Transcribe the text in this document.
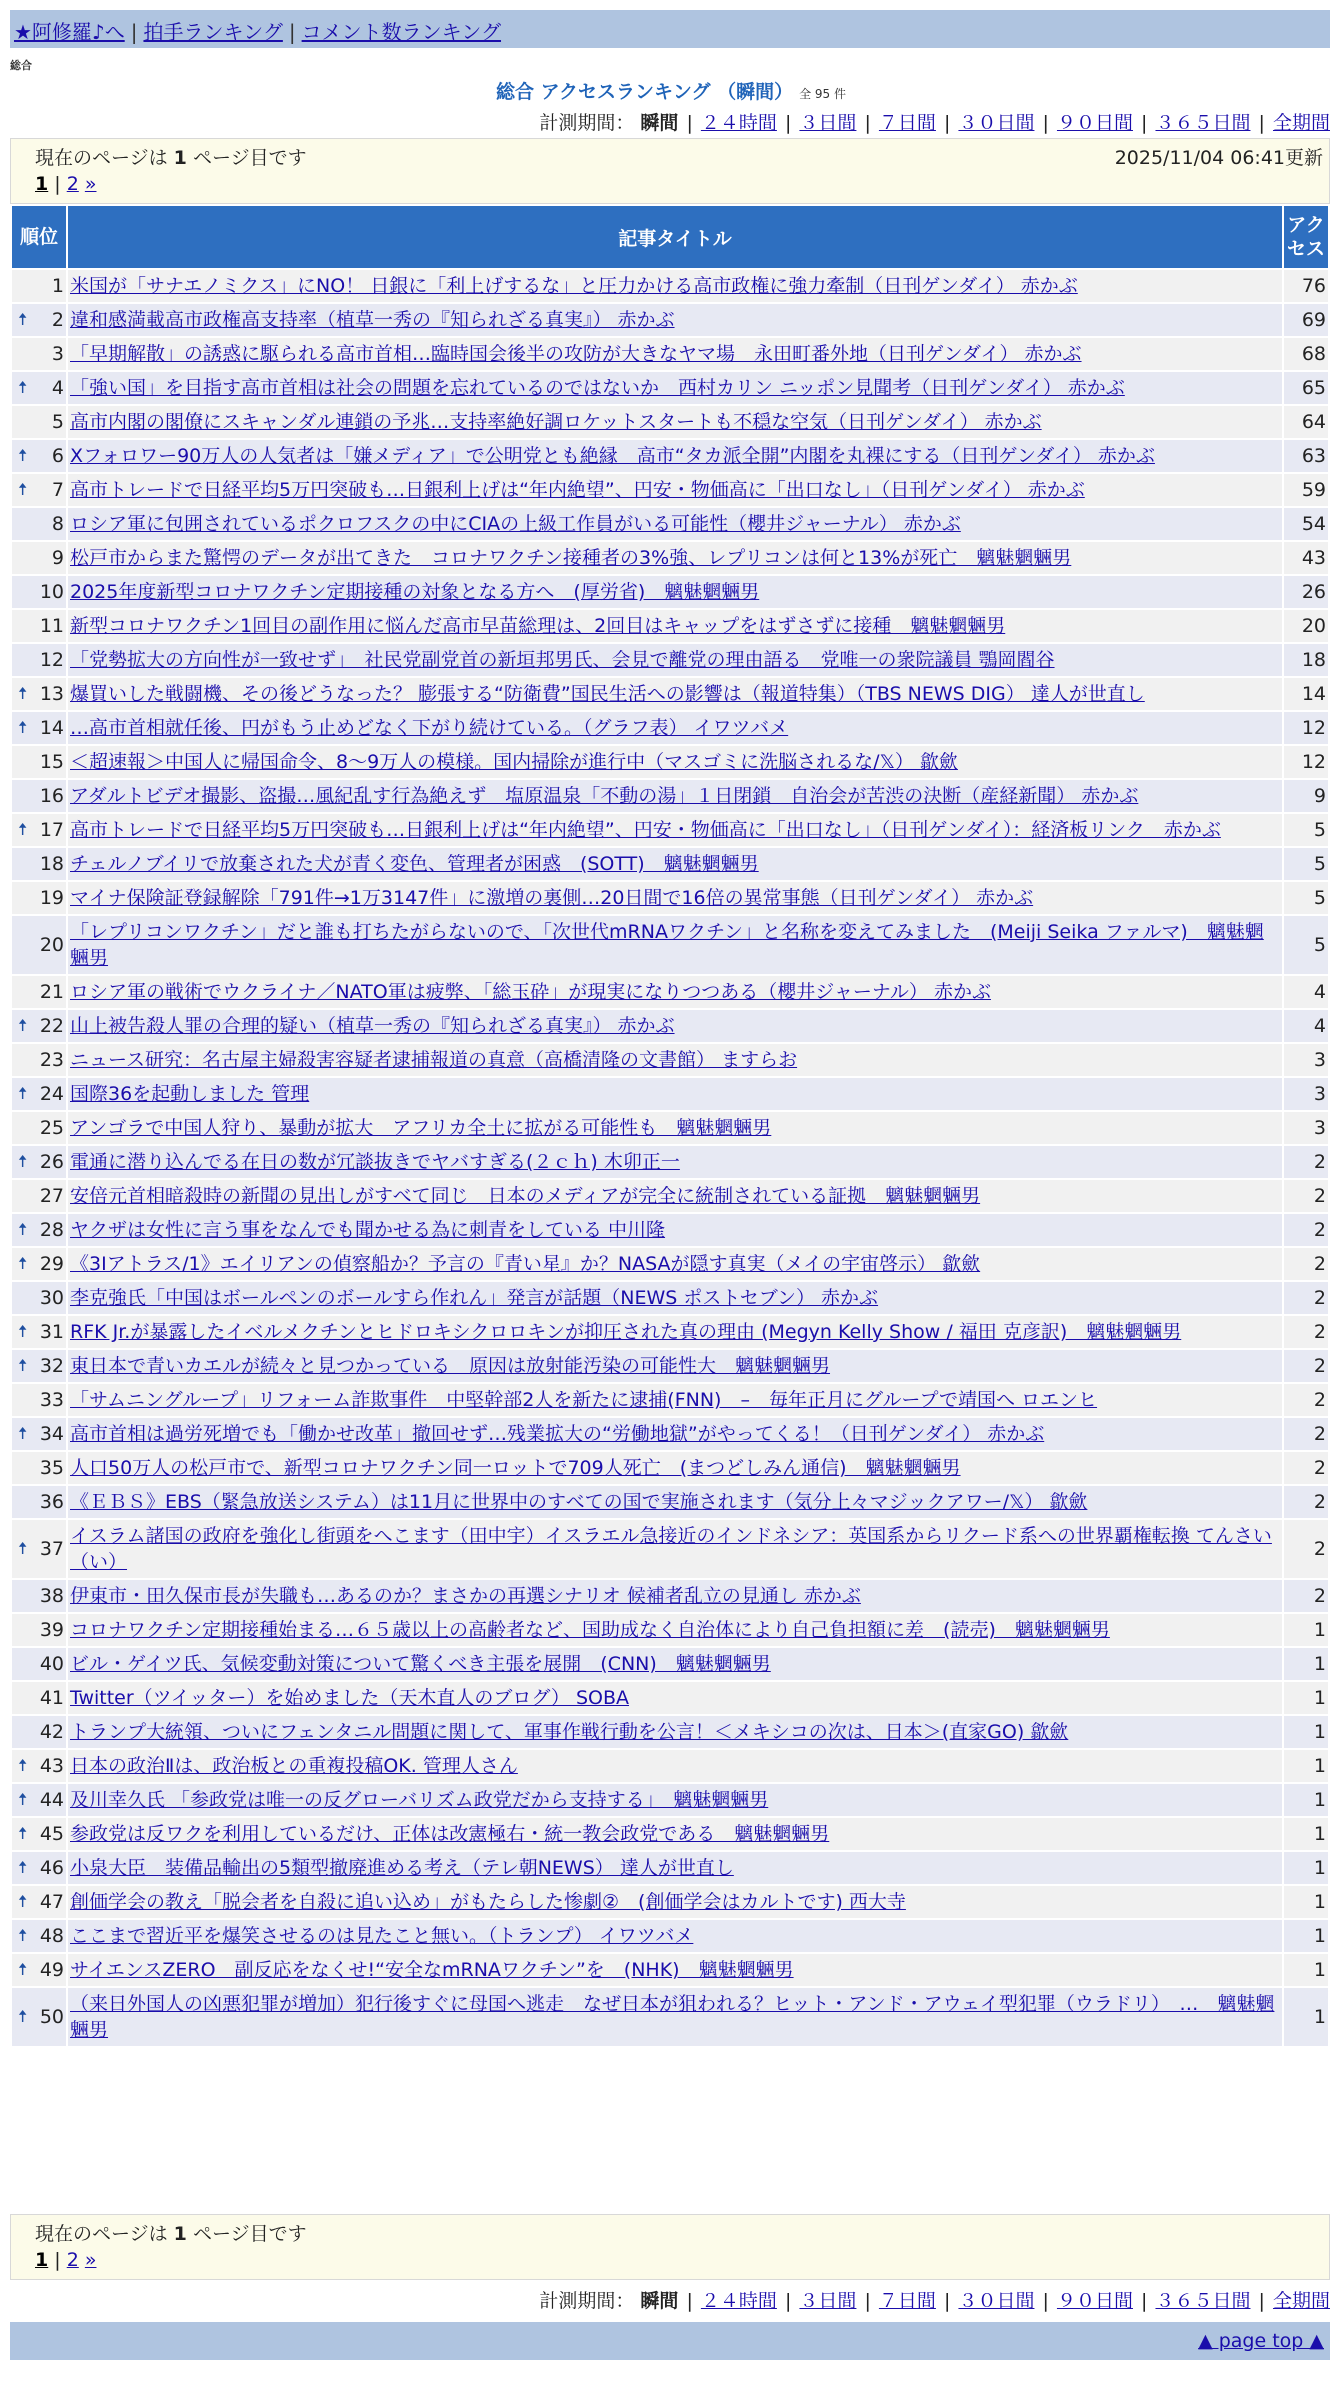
★阿修羅♪へ | 拍手ランキング | コメント数ランキング
総合
総合 アクセスランキング （瞬間） 全 95 件
計測期間： 瞬間 | ２４時間 | ３日間 | ７日間 | ３０日間 | ９０日間 | ３６５日間 | 全期間
現在のページは 1 ページ目です	2025/11/04 06:41更新
1 | 2 »
順位	記事タイトル	アクセス
1	米国が「サナエノミクス」にNO！ 日銀に「利上げするな」と圧力かける高市政権に強力牽制（日刊ゲンダイ） 赤かぶ	76

🠅 2	違和感満載高市政権高支持率（植草一秀の『知られざる真実』） 赤かぶ	69
3	「早期解散」の誘惑に駆られる高市首相…臨時国会後半の攻防が大きなヤマ場　永田町番外地（日刊ゲンダイ） 赤かぶ	68

🠅 4	「強い国」を目指す高市首相は社会の問題を忘れているのではないか　西村カリン ニッポン見聞考（日刊ゲンダイ） 赤かぶ	65
5	高市内閣の閣僚にスキャンダル連鎖の予兆…支持率絶好調ロケットスタートも不穏な空気（日刊ゲンダイ） 赤かぶ	64

🠅 6	Xフォロワー90万人の人気者は「嫌メディア」で公明党とも絶縁　高市“タカ派全開”内閣を丸裸にする（日刊ゲンダイ） 赤かぶ	63

🠅 7	高市トレードで日経平均5万円突破も…日銀利上げは“年内絶望”、円安・物価高に「出口なし」（日刊ゲンダイ） 赤かぶ	59
8	ロシア軍に包囲されているポクロフスクの中にCIAの上級工作員がいる可能性（櫻井ジャーナル） 赤かぶ	54
9	松戸市からまた驚愕のデータが出てきた　コロナワクチン接種者の3%強、レプリコンは何と13%が死亡　魑魅魍魎男	43
10	2025年度新型コロナワクチン定期接種の対象となる方へ　(厚労省)　魑魅魍魎男	26
11	新型コロナワクチン1回目の副作用に悩んだ高市早苗総理は、2回目はキャップをはずさずに接種　魑魅魍魎男	20
12	「党勢拡大の方向性が一致せず」　社民党副党首の新垣邦男氏、会見で離党の理由語る　党唯一の衆院議員 鶚岡閻谷	18

🠅 13	爆買いした戦闘機、その後どうなった？ 膨張する“防衛費”国民生活への影響は（報道特集）（TBS NEWS DIG） 達人が世直し	14

🠅 14	…高市首相就任後、円がもう止めどなく下がり続けている。（グラフ表） イワツバメ	12
15	＜超速報＞中国人に帰国命令、8～9万人の模様。国内掃除が進行中（マスゴミに洗脳されるな/𝕏） 歙歛	12
16	アダルトビデオ撮影、盗撮…風紀乱す行為絶えず　塩原温泉「不動の湯」１日閉鎖　自治会が苦渋の決断（産経新聞） 赤かぶ	9

🠅 17	高市トレードで日経平均5万円突破も…日銀利上げは“年内絶望”、円安・物価高に「出口なし」（日刊ゲンダイ）：経済板リンク　赤かぶ	5
18	チェルノブイリで放棄された犬が青く変色、管理者が困惑　(SOTT)　魑魅魍魎男	5
19	マイナ保険証登録解除「791件→1万3147件」に激増の裏側…20日間で16倍の異常事態（日刊ゲンダイ） 赤かぶ	5
20	「レプリコンワクチン」だと誰も打ちたがらないので、「次世代mRNAワクチン」と名称を変えてみました　(Meiji Seika ファルマ)　魑魅魍魎男	5
21	ロシア軍の戦術でウクライナ／NATO軍は疲弊、「総玉砕」が現実になりつつある（櫻井ジャーナル） 赤かぶ	4

🠅 22	山上被告殺人罪の合理的疑い（植草一秀の『知られざる真実』） 赤かぶ	4
23	ニュース研究：名古屋主婦殺害容疑者逮捕報道の真意（高橋清隆の文書館） ますらお	3

🠅 24	国際36を起動しました 管理	3
25	アンゴラで中国人狩り、暴動が拡大　アフリカ全土に拡がる可能性も　魑魅魍魎男	3

🠅 26	電通に潜り込んでる在日の数が冗談抜きでヤバすぎる(２ｃｈ) 木卯正一	2
27	安倍元首相暗殺時の新聞の見出しがすべて同じ　日本のメディアが完全に統制されている証拠　魑魅魍魎男	2

🠅 28	ヤクザは女性に言う事をなんでも聞かせる為に刺青をしている 中川隆	2

🠅 29	《3Iアトラス/1》エイリアンの偵察船か？予言の『青い星』か？NASAが隠す真実（メイの宇宙啓示） 歙歛	2
30	李克強氏「中国はボールペンのボールすら作れん」発言が話題（NEWS ポストセブン） 赤かぶ	2

🠅 31	RFK Jr.が暴露したイベルメクチンとヒドロキシクロロキンが抑圧された真の理由 (Megyn Kelly Show / 福田 克彦訳)　魑魅魍魎男	2

🠅 32	東日本で青いカエルが続々と見つかっている　原因は放射能汚染の可能性大　魑魅魍魎男	2
33	「サムニングループ」リフォーム詐欺事件　中堅幹部2人を新たに逮捕(FNN)　–　毎年正月にグループで靖国へ ロエンヒ	2

🠅 34	高市首相は過労死増でも「働かせ改革」撤回せず…残業拡大の“労働地獄”がやってくる！（日刊ゲンダイ） 赤かぶ	2
35	人口50万人の松戸市で、新型コロナワクチン同一ロットで709人死亡　(まつどしみん通信)　魑魅魍魎男	2
36	《ＥＢＳ》EBS（緊急放送システム）は11月に世界中のすべての国で実施されます（気分上々マジックアワー/𝕏） 歙歛	2

🠅 37	イスラム諸国の政府を強化し街頭をへこます（田中宇）イスラエル急接近のインドネシア：英国系からリクード系への世界覇権転換 てんさい（い）	2
38	伊東市・田久保市長が失職も…あるのか？まさかの再選シナリオ 候補者乱立の見通し 赤かぶ	2
39	コロナワクチン定期接種始まる…６５歳以上の高齢者など、国助成なく自治体により自己負担額に差　(読売)　魑魅魍魎男	1
40	ビル・ゲイツ氏、気候変動対策について驚くべき主張を展開　(CNN)　魑魅魍魎男	1
41	Twitter（ツイッター）を始めました（天木直人のブログ） SOBA	1
42	トランプ大統領、ついにフェンタニル問題に関して、軍事作戦行動を公言！＜メキシコの次は、日本＞(直家GO) 歙歛	1

🠅 43	日本の政治Ⅱは、政治板との重複投稿OK. 管理人さん	1

🠅 44	及川幸久氏 「参政党は唯一の反グローバリズム政党だから支持する」　魑魅魍魎男	1

🠅 45	参政党は反ワクを利用しているだけ、正体は改憲極右・統一教会政党である　魑魅魍魎男	1

🠅 46	小泉大臣　装備品輸出の5類型撤廃進める考え（テレ朝NEWS） 達人が世直し	1

🠅 47	創価学会の教え「脱会者を自殺に追い込め」がもたらした惨劇②　(創価学会はカルトです) 西大寺	1

🠅 48	ここまで習近平を爆笑させるのは見たこと無い。（トランプ） イワツバメ	1

🠅 49	サイエンスZERO　副反応をなくせ!“安全なmRNAワクチン”を　(NHK)　魑魅魍魎男	1

🠅 50	（来日外国人の凶悪犯罪が増加）犯行後すぐに母国へ逃走　なぜ日本が狙われる？ヒット・アンド・アウェイ型犯罪（ウラドリ）　…　魑魅魍魎男	1
現在のページは 1 ページ目です
1 | 2 »
計測期間： 瞬間 | ２４時間 | ３日間 | ７日間 | ３０日間 | ９０日間 | ３６５日間 | 全期間
▲ page top ▲
